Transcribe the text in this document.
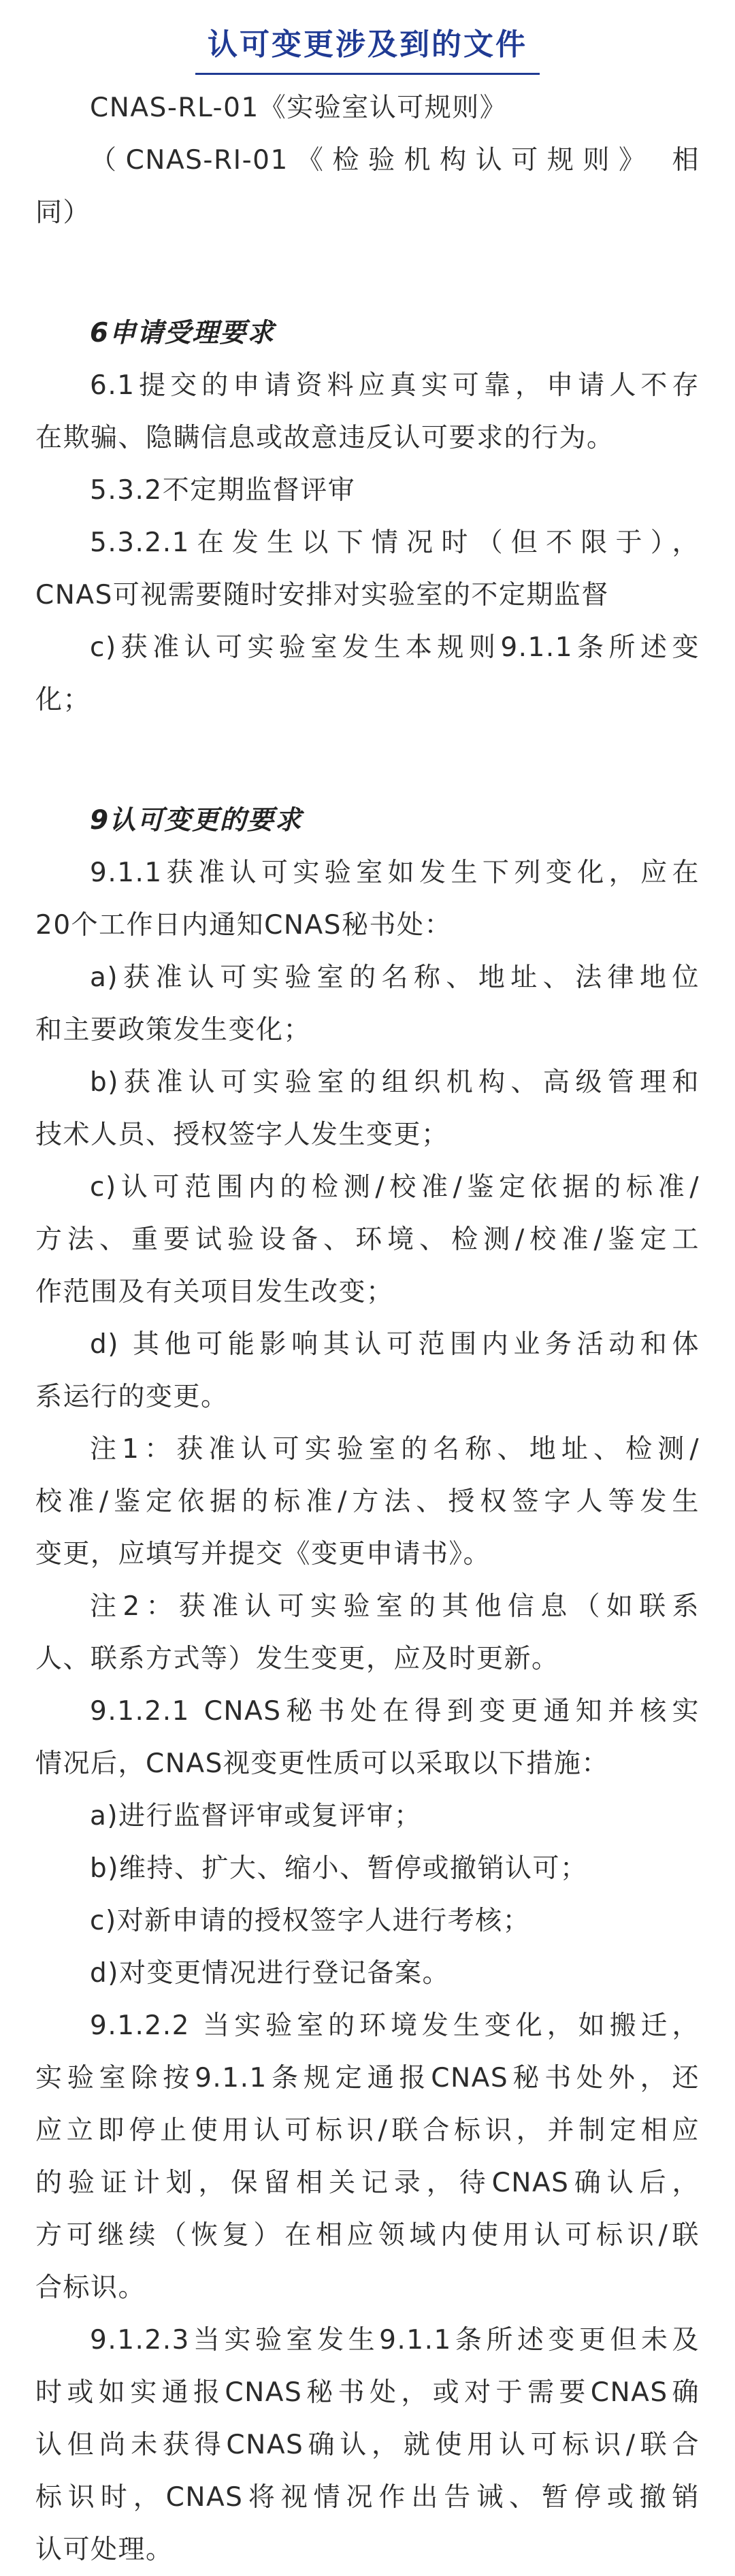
认可变更涉及到的文件
CNAS-RL-01《实验室认可规则》
（CNAS-RI-01《检验机构认可规则》 相
同）
6申请受理要求
6.1提交的申请资料应真实可靠，申请人不存
在欺骗、隐瞒信息或故意违反认可要求的行为。
5.3.2不定期监督评审
5.3.2.1在发生以下情况时（但不限于），
CNAS可视需要随时安排对实验室的不定期监督
c)获准认可实验室发生本规则9.1.1条所述变
化；
9认可变更的要求
9.1.1获准认可实验室如发生下列变化，应在
20个工作日内通知CNAS秘书处：
a)获准认可实验室的名称、地址、法律地位
和主要政策发生变化；
b)获准认可实验室的组织机构、高级管理和
技术人员、授权签字人发生变更；
c)认可范围内的检测/校准/鉴定依据的标准/
方法、重要试验设备、环境、检测/校准/鉴定工
作范围及有关项目发生改变；
d) 其他可能影响其认可范围内业务活动和体
系运行的变更。
注1：获准认可实验室的名称、地址、检测/
校准/鉴定依据的标准/方法、授权签字人等发生
变更，应填写并提交《变更申请书》。
注2：获准认可实验室的其他信息（如联系
人、联系方式等）发生变更，应及时更新。
9.1.2.1 CNAS秘书处在得到变更通知并核实
情况后，CNAS视变更性质可以采取以下措施：
a)进行监督评审或复评审；
b)维持、扩大、缩小、暂停或撤销认可；
c)对新申请的授权签字人进行考核；
d)对变更情况进行登记备案。
9.1.2.2 当实验室的环境发生变化，如搬迁，
实验室除按9.1.1条规定通报CNAS秘书处外，还
应立即停止使用认可标识/联合标识，并制定相应
的验证计划，保留相关记录，待CNAS确认后，
方可继续（恢复）在相应领域内使用认可标识/联
合标识。
9.1.2.3当实验室发生9.1.1条所述变更但未及
时或如实通报CNAS秘书处，或对于需要CNAS确
认但尚未获得CNAS确认，就使用认可标识/联合
标识时，CNAS将视情况作出告诫、暂停或撤销
认可处理。
